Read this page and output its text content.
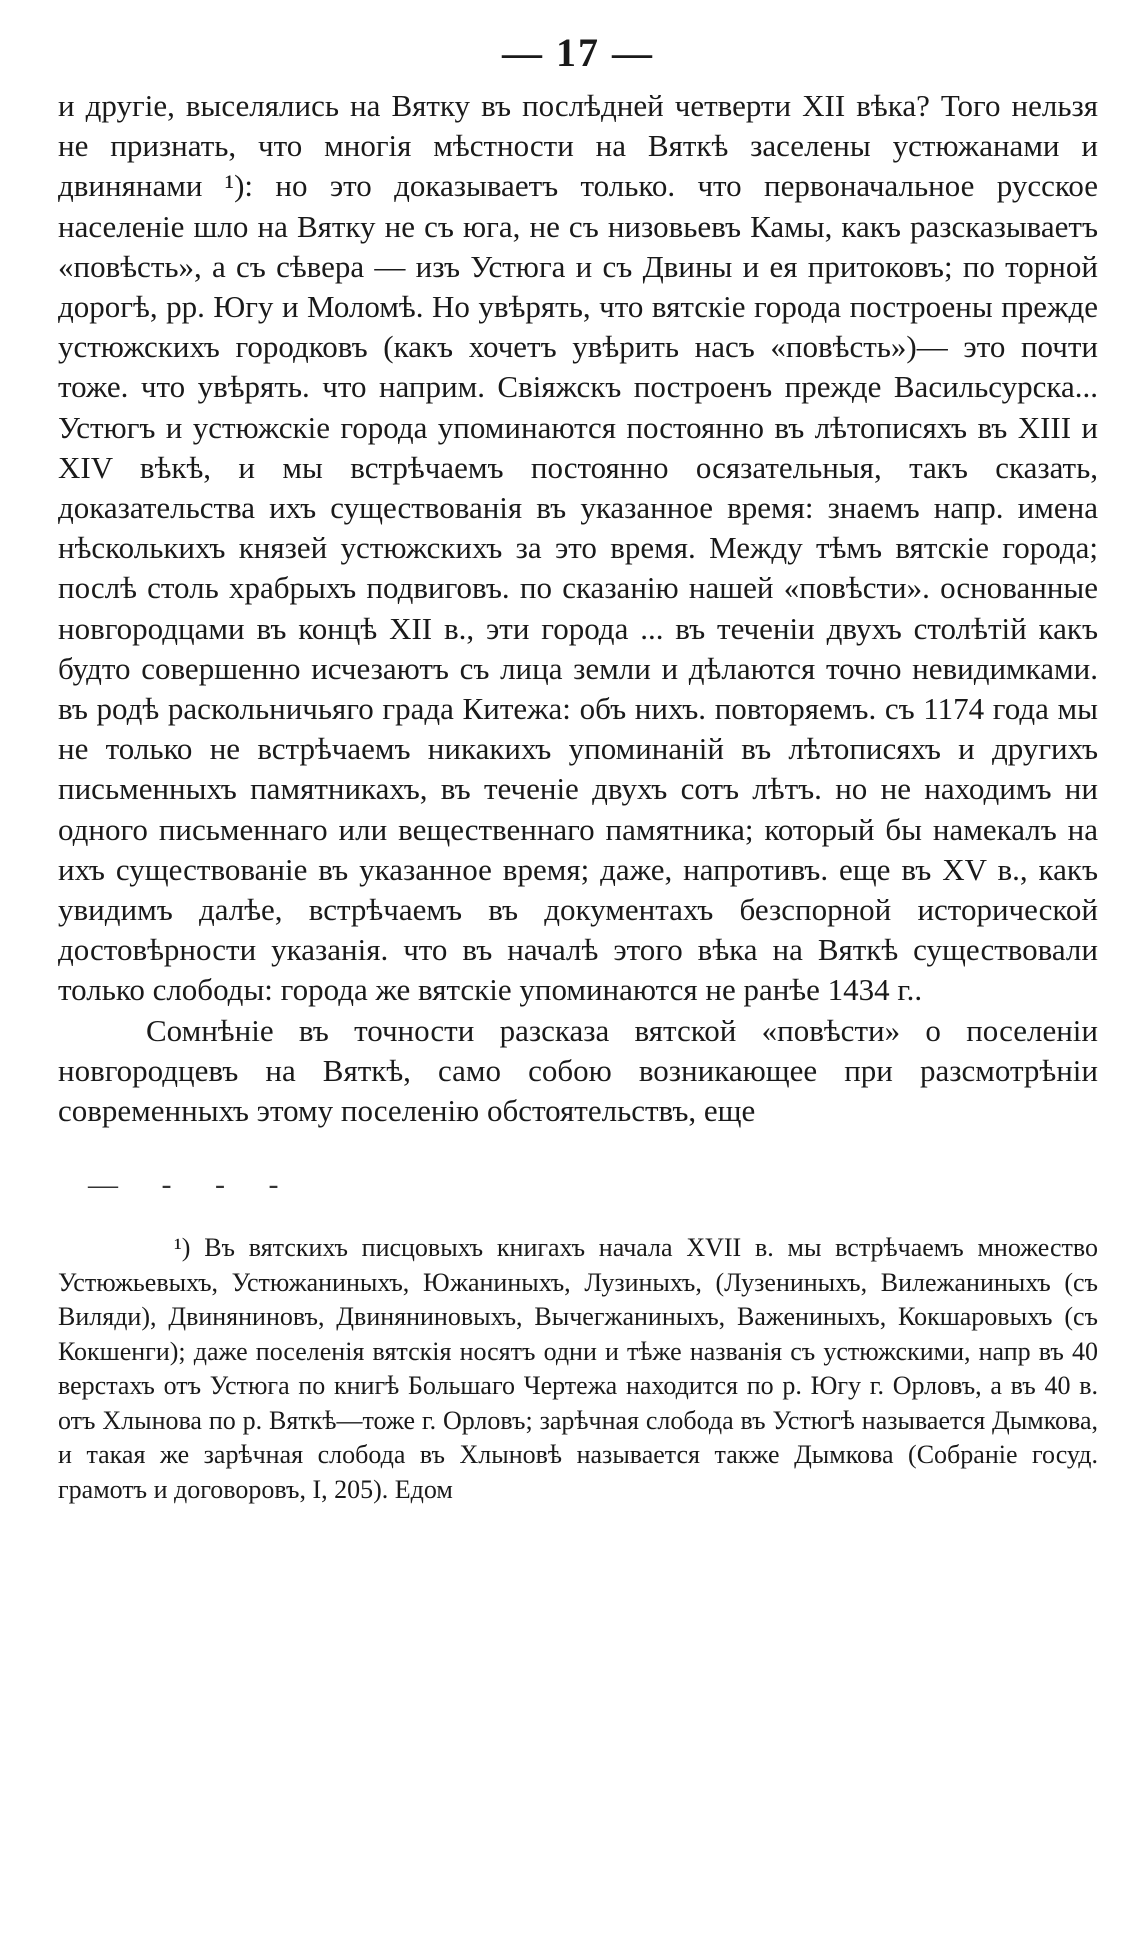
— 17 —

и другіе, выселялись на Вятку въ послѣдней четверти XII вѣка? Того нельзя не признать, что многія мѣстности на Вяткѣ заселены устюжанами и двинянами ¹): но это доказываетъ только. что первоначальное русское населеніе шло на Вятку не съ юга, не съ низовьевъ Камы, какъ разсказываетъ «повѣсть», а съ сѣвера — изъ Устюга и съ Двины и ея притоковъ; по торной дорогѣ, рр. Югу и Моломѣ. Но увѣрять, что вятскіе города построены прежде устюжскихъ городковъ (какъ хочетъ увѣрить насъ «повѣсть»)— это почти тоже. что увѣрять. что наприм. Свіяжскъ построенъ прежде Васильсурска... Устюгъ и устюжскіе города упоминаются постоянно въ лѣтописяхъ въ XIII и XIV вѣкѣ, и мы встрѣчаемъ постоянно осязательныя, такъ сказать, доказательства ихъ существованія въ указанное время: знаемъ напр. имена нѣсколькихъ князей устюжскихъ за это время. Между тѣмъ вятскіе города; послѣ столь храбрыхъ подвиговъ. по сказанію нашей «повѣсти». основанные новгородцами въ концѣ XII в., эти города ... въ теченіи двухъ столѣтій какъ будто совершенно исчезаютъ съ лица земли и дѣлаются точно невидимками. въ родѣ раскольничьяго града Китежа: объ нихъ. повторяемъ. съ 1174 года мы не только не встрѣчаемъ никакихъ упоминаній въ лѣтописяхъ и другихъ письменныхъ памятникахъ, въ теченіе двухъ сотъ лѣтъ. но не находимъ ни одного письменнаго или вещественнаго памятника; который бы намекалъ на ихъ существованіе въ указанное время; даже, напротивъ. еще въ XV в., какъ увидимъ далѣе, встрѣчаемъ въ документахъ безспорной исторической достовѣрности указанія. что въ началѣ этого вѣка на Вяткѣ существовали только слободы: города же вятскіе упоминаются не ранѣе 1434 г..

Сомнѣніе въ точности разсказа вятской «повѣсти» о поселеніи новгородцевъ на Вяткѣ, само собою возникающее при разсмотрѣніи современныхъ этому поселенію обстоятельствъ, еще

— - - -

¹) Въ вятскихъ писцовыхъ книгахъ начала XVII в. мы встрѣчаемъ множество Устюжьевыхъ, Устюжаниныхъ, Южаниныхъ, Лузиныхъ, (Лузениныхъ, Вилежаниныхъ (съ Виляди), Двиняниновъ, Двиняниновыхъ, Вычегжаниныхъ, Важениныхъ, Кокшаровыхъ (съ Кокшенги); даже поселенія вятскія носятъ одни и тѣже названія съ устюжскими, напр въ 40 верстахъ отъ Устюга по книгѣ Большаго Чертежа находится по р. Югу г. Орловъ, а въ 40 в. отъ Хлынова по р. Вяткѣ—тоже г. Орловъ; зарѣчная слобода въ Устюгѣ называется Дымкова, и такая же зарѣчная слобода въ Хлыновѣ называется также Дымкова (Собраніе госуд. грамотъ и договоровъ, I, 205). Едом
